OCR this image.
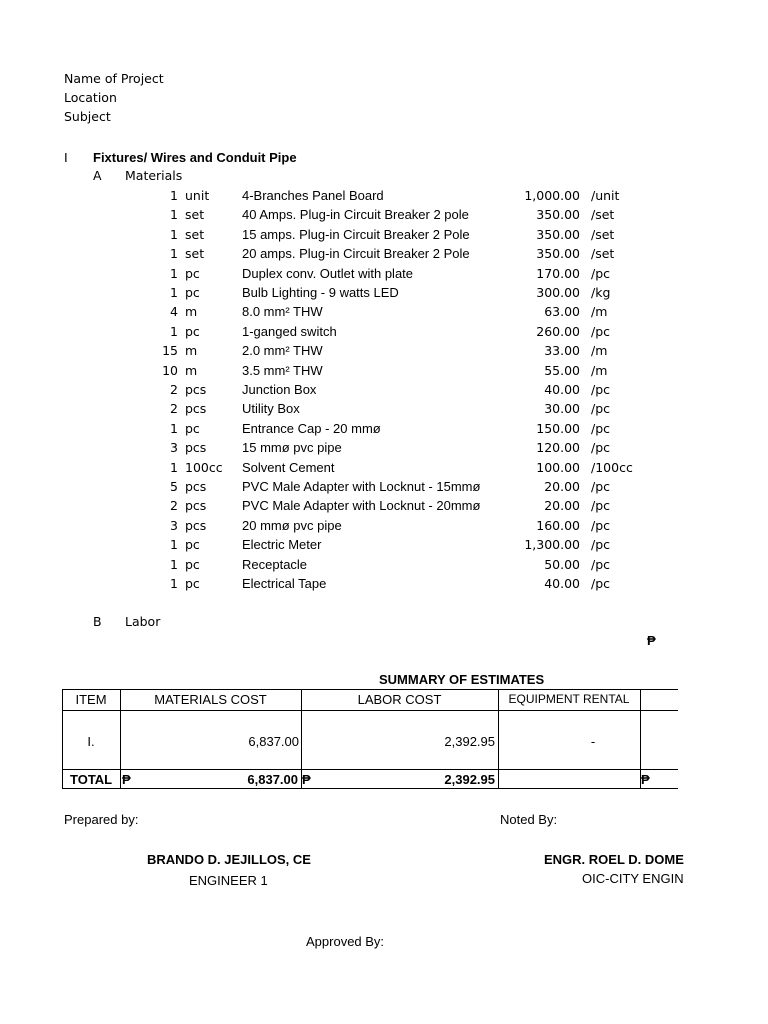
Name of Project
Location
Subject
I Fixtures/ Wires and Conduit Pipe
A Materials
1 unit	4-Branches Panel Board	1,000.00 /unit
1 set	40 Amps. Plug-in Circuit Breaker 2 pole	350.00 /set
1 set	15 amps. Plug-in Circuit Breaker 2 Pole	350.00 /set
1 set	20 amps. Plug-in Circuit Breaker 2 Pole	350.00 /set
1 pc	Duplex conv. Outlet with plate	170.00 /pc
1 pc	Bulb Lighting - 9 watts LED	300.00 /kg
4 m	8.0 mm² THW	63.00 /m
1 pc	1-ganged switch	260.00 /pc
15 m	2.0 mm² THW	33.00 /m
10 m	3.5 mm² THW	55.00 /m
2 pcs	Junction Box	40.00 /pc
2 pcs	Utility Box	30.00 /pc
1 pc	Entrance Cap - 20 mmø	150.00 /pc
3 pcs	15 mmø pvc pipe	120.00 /pc
1 100cc Solvent Cement	100.00 /100cc
5 pcs	PVC Male Adapter with Locknut - 15mmø	20.00 /pc
2 pcs	PVC Male Adapter with Locknut - 20mmø	20.00 /pc
3 pcs	20 mmø pvc pipe	160.00 /pc
1 pc	Electric Meter	1,300.00 /pc
1 pc	Receptacle	50.00 /pc
1 pc	Electrical Tape	40.00 /pc
B Labor
₱
SUMMARY OF ESTIMATES
ITEM	MATERIALS COST	LABOR COST	EQUIPMENT RENTAL
I.	6,837.00	2,392.95	-
TOTAL ₱	6,837.00 ₱	2,392.95	₱
Prepared by:	Noted By:
BRANDO D. JEJILLOS, CE
ENGINEER 1
ENGR. ROEL D. DOME
OIC-CITY ENGIN
Approved By:
